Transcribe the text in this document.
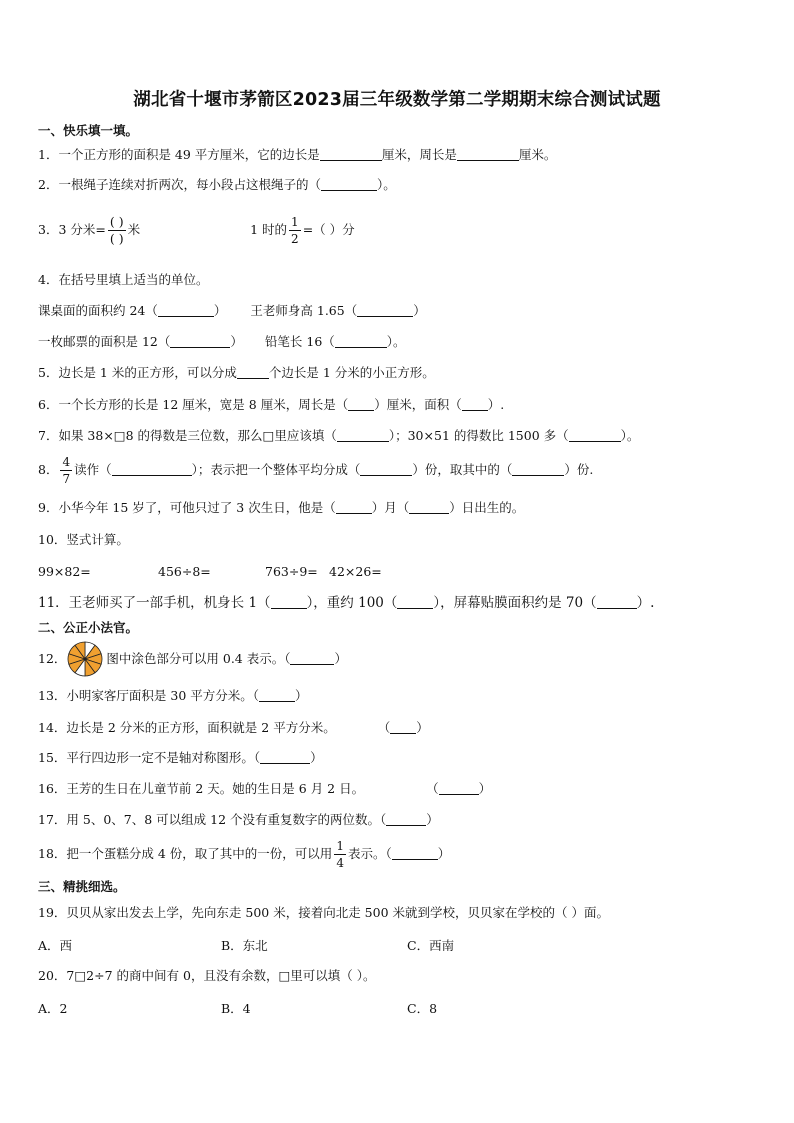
湖北省十堰市茅箭区2023届三年级数学第二学期期末综合测试试题
一、快乐填一填。
1．一个正方形的面积是 49 平方厘米，它的边长是	厘米，周长是	厘米。
2．一根绳子连续对折两次，每小段占这根绳子的（	）。
3．3 分米= $\frac{( )}{( )}$ 米	1 时的 $\frac{1}{2}$ =（ ）分
4．在括号里填上适当的单位。
课桌面的面积约 24（	） 王老师身高 1.65（	）
一枚邮票的面积是 12（	） 铅笔长 16（	）。
5．边长是 1 米的正方形，可以分成	个边长是 1 分米的小正方形。
6．一个长方形的长是 12 厘米，宽是 8 厘米，周长是（ ）厘米，面积（ ）.
7．如果 38×□8 的得数是三位数，那么□里应该填（	）；30×51 的得数比 1500 多（	）。
8． $\frac{4}{7}$ 读作（	）；表示把一个整体平均分成（	）份，取其中的（	）份.
9．小华今年 15 岁了，可他只过了 3 次生日，他是（	）月（	）日出生的。
10．竖式计算。
99×82=	456÷8=	763÷9= 42×26=
11．王老师买了一部手机，机身长 1（	），重约 100（	），屏幕贴膜面积约是 70（	）.
二、公正小法官。
12．	图中涂色部分可以用 0.4 表示。（	）
13．小明家客厅面积是 30 平方分米。（	）
14．边长是 2 分米的正方形，面积就是 2 平方分米。	（ ）
15．平行四边形一定不是轴对称图形。（	）
16．王芳的生日在儿童节前 2 天。她的生日是 6 月 2 日。	（	）
17．用 5、0、7、8 可以组成 12 个没有重复数字的两位数。（	）
18．把一个蛋糕分成 4 份，取了其中的一份，可以用 $\frac{1}{4}$ 表示。（	）
三、精挑细选。
19．贝贝从家出发去上学，先向东走 500 米，接着向北走 500 米就到学校，贝贝家在学校的（ ）面。
A．西	B．东北	C．西南
20．7□2÷7 的商中间有 0，且没有余数，□里可以填（ ）。
A．2	B．4	C．8
